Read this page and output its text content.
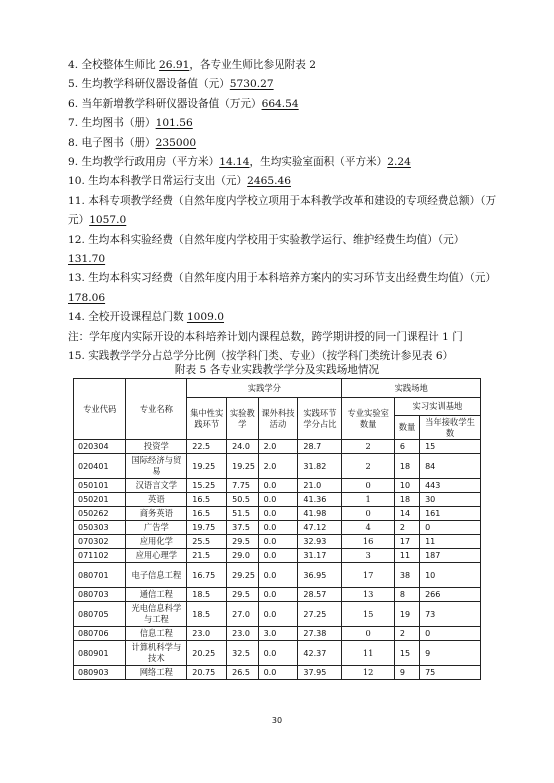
4. 全校整体生师比 26.91，各专业生师比参见附表 2
5. 生均教学科研仪器设备值（元）5730.27
6. 当年新增教学科研仪器设备值（万元）664.54
7. 生均图书（册）101.56
8. 电子图书（册）235000
9. 生均教学行政用房（平方米）14.14，生均实验室面积（平方米）2.24
10. 生均本科教学日常运行支出（元）2465.46
11. 本科专项教学经费（自然年度内学校立项用于本科教学改革和建设的专项经费总额）（万元）1057.0
12. 生均本科实验经费（自然年度内学校用于实验教学运行、维护经费生均值）（元）131.70
13. 生均本科实习经费（自然年度内用于本科培养方案内的实习环节支出经费生均值）（元）178.06
14. 全校开设课程总门数 1009.0
注：学年度内实际开设的本科培养计划内课程总数，跨学期讲授的同一门课程计 1 门
15. 实践教学学分占总学分比例（按学科门类、专业）（按学科门类统计参见表 6）
附表 5 各专业实践教学学分及实践场地情况
专业代码	专业名称	实践学分				实践场地		
		集中性实践环节	实验教学	课外科技活动	实践环节学分占比	专业实验室数量	实习实训基地	
							数量	当年接收学生数
020304	投资学	22.5	24.0	2.0	28.7	2	6	15
020401	国际经济与贸易	19.25	19.25	2.0	31.82	2	18	84
050101	汉语言文学	15.25	7.75	0.0	21.0	0	10	443
050201	英语	16.5	50.5	0.0	41.36	1	18	30
050262	商务英语	16.5	51.5	0.0	41.98	0	14	161
050303	广告学	19.75	37.5	0.0	47.12	4	2	0
070302	应用化学	25.5	29.5	0.0	32.93	16	17	11
071102	应用心理学	21.5	29.0	0.0	31.17	3	11	187
080701	电子信息工程	16.75	29.25	0.0	36.95	17	38	10
080703	通信工程	18.5	29.5	0.0	28.57	13	8	266
080705	光电信息科学与工程	18.5	27.0	0.0	27.25	15	19	73
080706	信息工程	23.0	23.0	3.0	27.38	0	2	0
080901	计算机科学与技术	20.25	32.5	0.0	42.37	11	15	9
080903	网络工程	20.75	26.5	0.0	37.95	12	9	75
30
